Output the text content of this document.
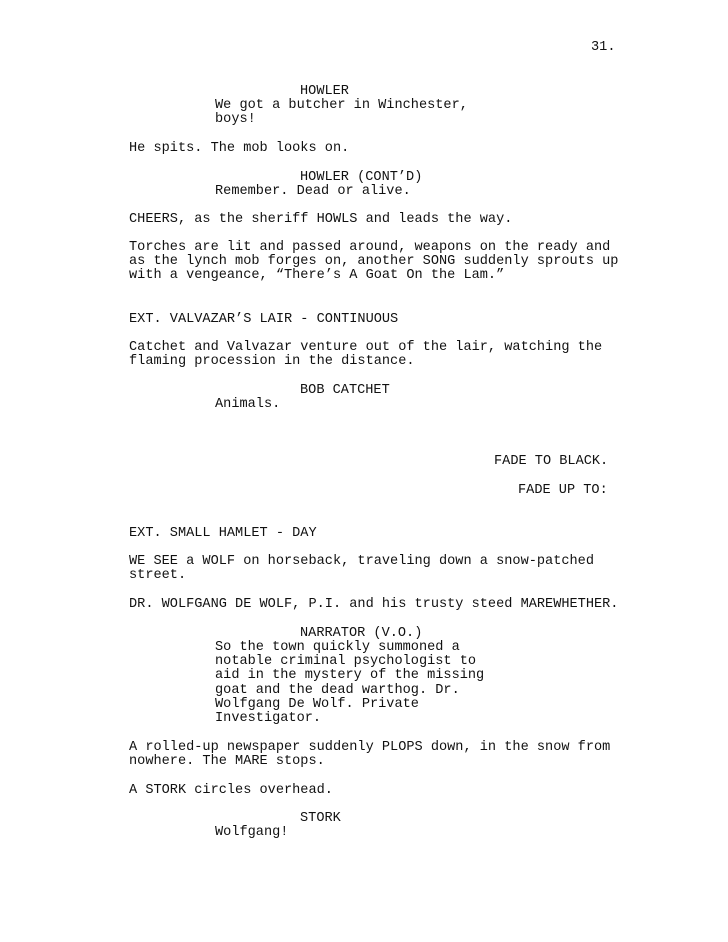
31.
HOWLER
We got a butcher in Winchester,
boys!
He spits. The mob looks on.
HOWLER (CONT’D)
Remember. Dead or alive.
CHEERS, as the sheriff HOWLS and leads the way.
Torches are lit and passed around, weapons on the ready and
as the lynch mob forges on, another SONG suddenly sprouts up
with a vengeance, “There’s A Goat On the Lam.”
EXT. VALVAZAR’S LAIR - CONTINUOUS
Catchet and Valvazar venture out of the lair, watching the
flaming procession in the distance.
BOB CATCHET
Animals.
FADE TO BLACK.
FADE UP TO:
EXT. SMALL HAMLET - DAY
WE SEE a WOLF on horseback, traveling down a snow-patched
street.
DR. WOLFGANG DE WOLF, P.I. and his trusty steed MAREWHETHER.
NARRATOR (V.O.)
So the town quickly summoned a
notable criminal psychologist to
aid in the mystery of the missing
goat and the dead warthog. Dr.
Wolfgang De Wolf. Private
Investigator.
A rolled-up newspaper suddenly PLOPS down, in the snow from
nowhere. The MARE stops.
A STORK circles overhead.
STORK
Wolfgang!
